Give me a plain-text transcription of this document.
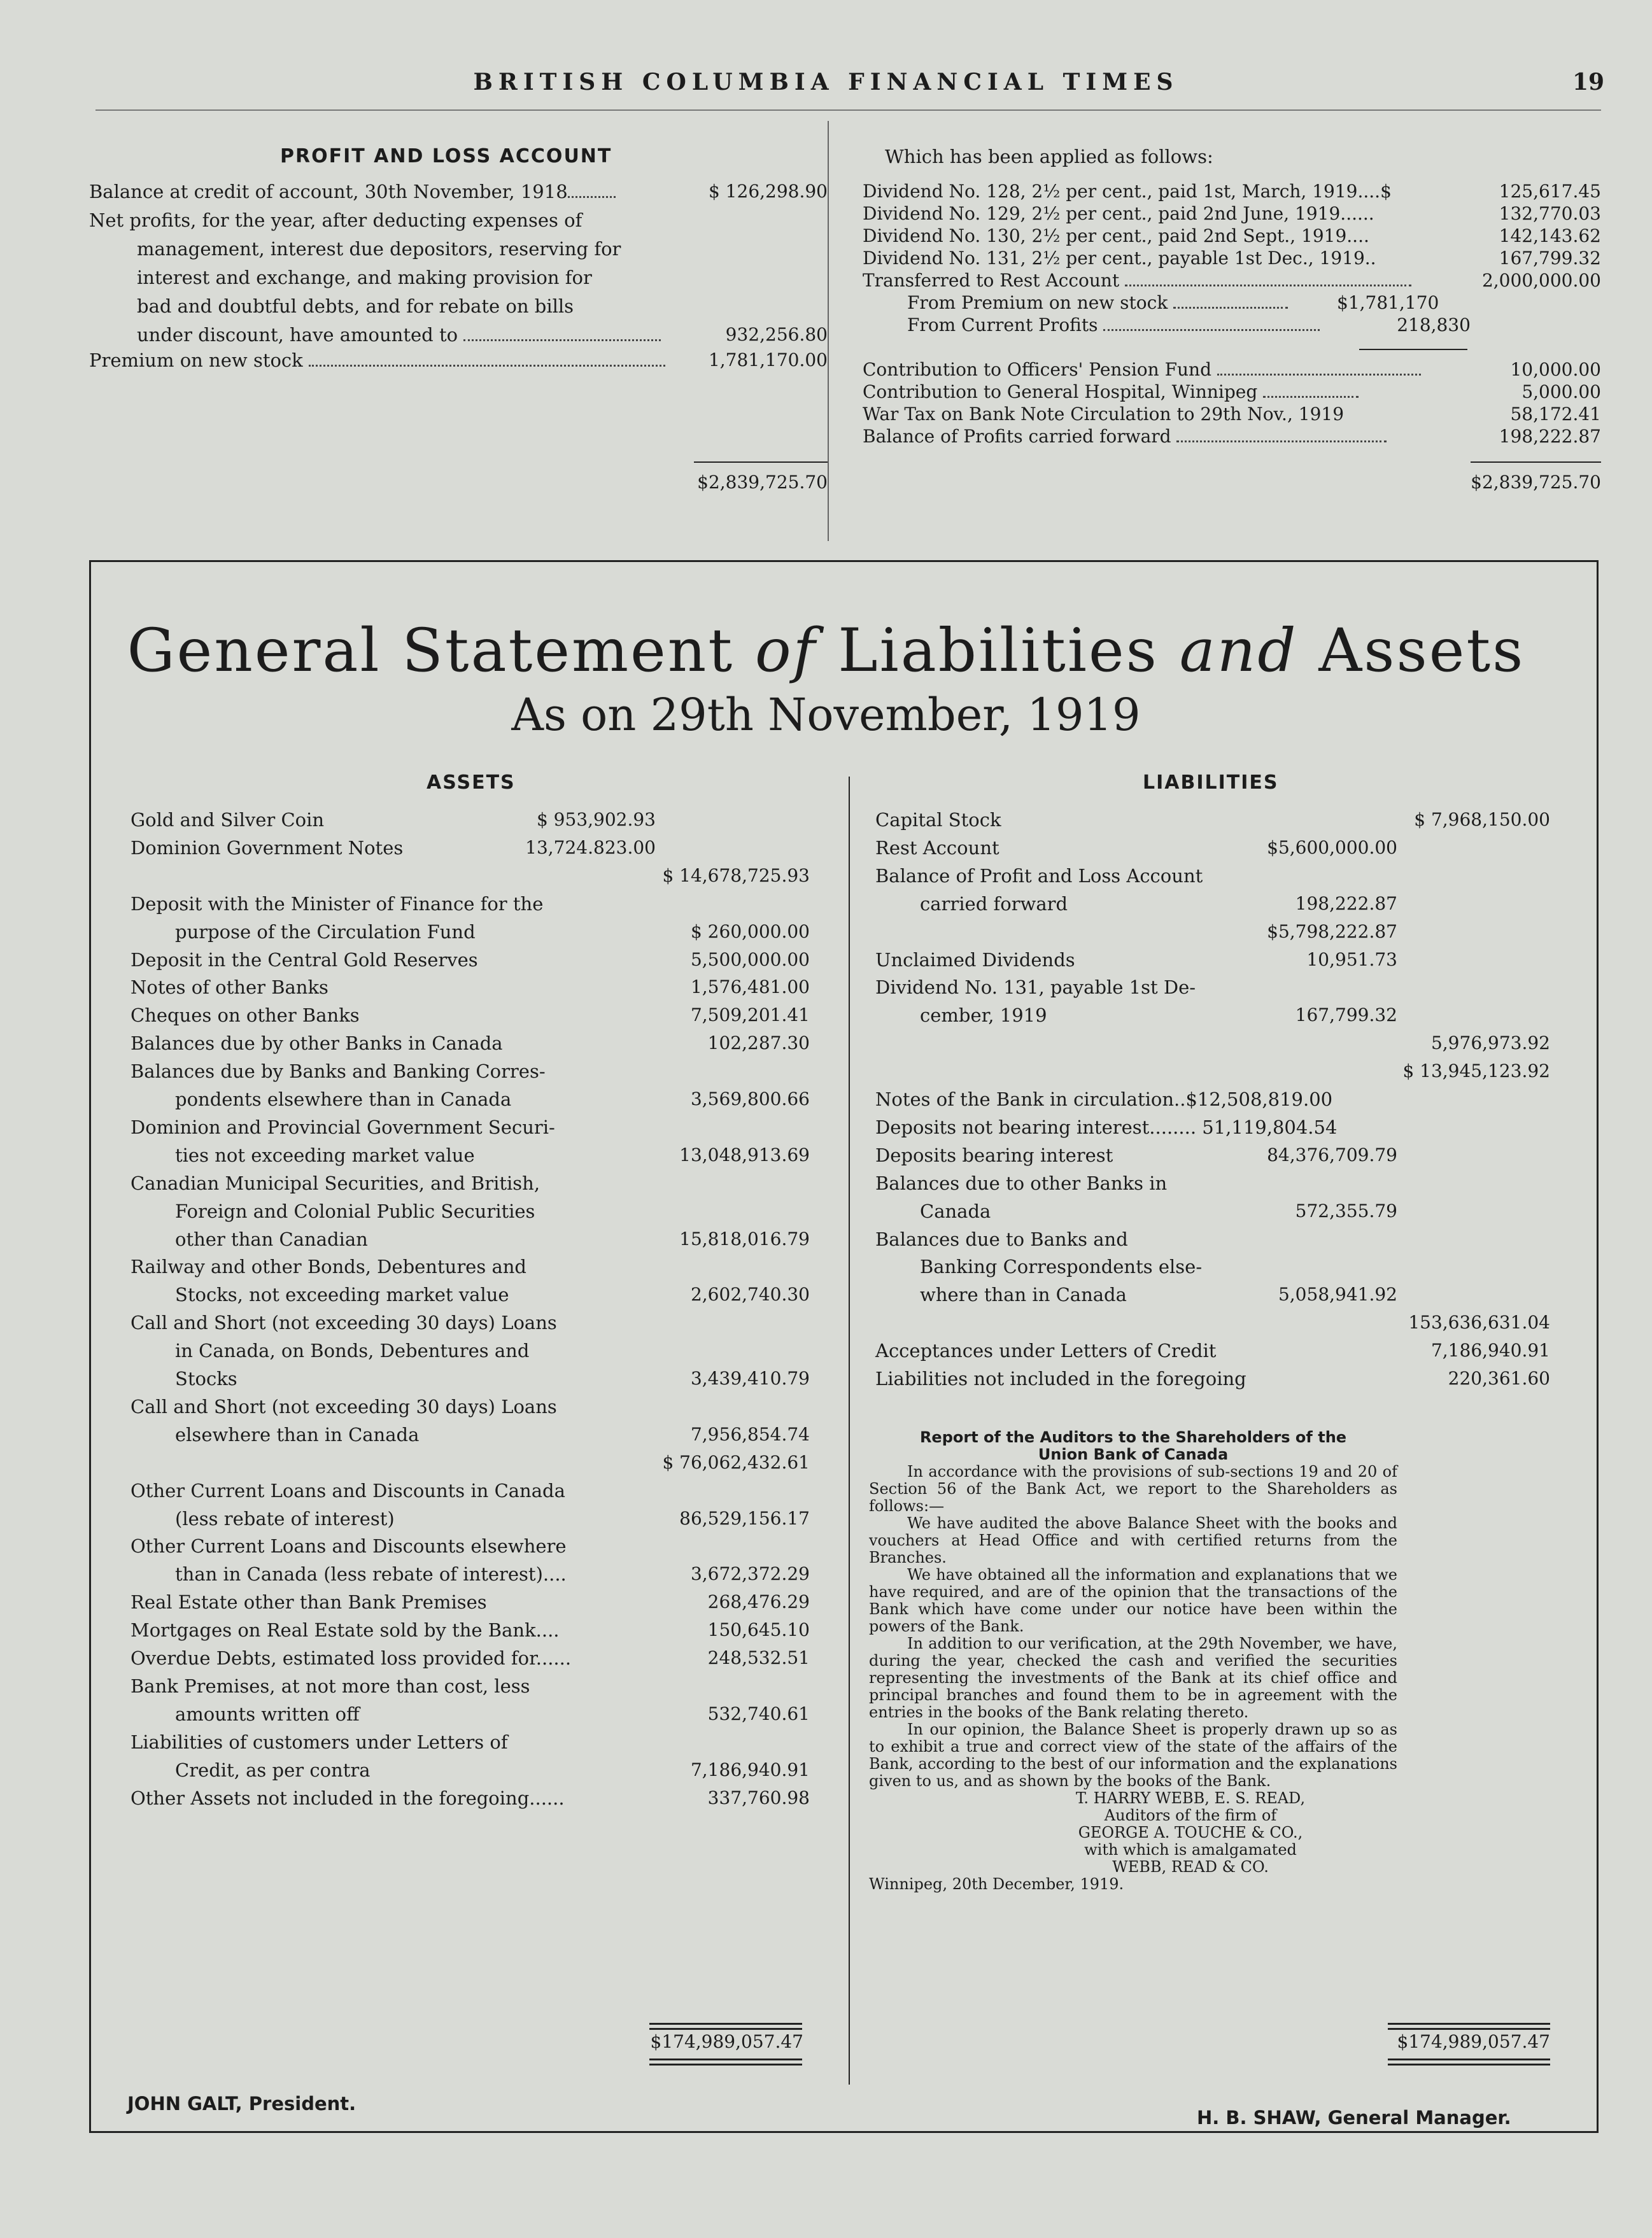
BRITISH COLUMBIA FINANCIAL TIMES	19
PROFIT AND LOSS ACCOUNT
Balance at credit of account, 30th November, 1918	$ 126,298.90
Net profits, for the year, after deducting expenses of
management, interest due depositors, reserving for
interest and exchange, and making provision for
bad and doubtful debts, and for rebate on bills
under discount, have amounted to	932,256.80
Premium on new stock	1,781,170.00
$2,839,725.70
Which has been applied as follows:
Dividend No. 128, 2½ per cent., paid 1st, March, 1919....$	125,617.45
Dividend No. 129, 2½ per cent., paid 2nd June, 1919......	132,770.03
Dividend No. 130, 2½ per cent., paid 2nd Sept., 1919....	142,143.62
Dividend No. 131, 2½ per cent., payable 1st Dec., 1919..	167,799.32
Transferred to Rest Account	2,000,000.00
From Premium on new stock	$1,781,170
From Current Profits	218,830
Contribution to Officers' Pension Fund	10,000.00
Contribution to General Hospital, Winnipeg	5,000.00
War Tax on Bank Note Circulation to 29th Nov., 1919	58,172.41
Balance of Profits carried forward	198,222.87
$2,839,725.70
General Statement of Liabilities and Assets
As on 29th November, 1919
ASSETS	LIABILITIES
Gold and Silver Coin	$ 953,902.93
Dominion Government Notes	13,724.823.00
$ 14,678,725.93
Deposit with the Minister of Finance for the
purpose of the Circulation Fund	$ 260,000.00
Deposit in the Central Gold Reserves	5,500,000.00
Notes of other Banks	1,576,481.00
Cheques on other Banks	7,509,201.41
Balances due by other Banks in Canada	102,287.30
Balances due by Banks and Banking Corres-
pondents elsewhere than in Canada	3,569,800.66
Dominion and Provincial Government Securi-
ties not exceeding market value	13,048,913.69
Canadian Municipal Securities, and British,
Foreign and Colonial Public Securities
other than Canadian	15,818,016.79
Railway and other Bonds, Debentures and
Stocks, not exceeding market value	2,602,740.30
Call and Short (not exceeding 30 days) Loans
in Canada, on Bonds, Debentures and
Stocks	3,439,410.79
Call and Short (not exceeding 30 days) Loans
elsewhere than in Canada	7,956,854.74
$ 76,062,432.61
Other Current Loans and Discounts in Canada
(less rebate of interest)	86,529,156.17
Other Current Loans and Discounts elsewhere
than in Canada (less rebate of interest)....	3,672,372.29
Real Estate other than Bank Premises	268,476.29
Mortgages on Real Estate sold by the Bank....	150,645.10
Overdue Debts, estimated loss provided for......	248,532.51
Bank Premises, at not more than cost, less
amounts written off	532,740.61
Liabilities of customers under Letters of
Credit, as per contra	7,186,940.91
Other Assets not included in the foregoing......	337,760.98
$174,989,057.47
Capital Stock	$ 7,968,150.00
Rest Account	$5,600,000.00
Balance of Profit and Loss Account
carried forward	198,222.87
$5,798,222.87
Unclaimed Dividends	10,951.73
Dividend No. 131, payable 1st De-
cember, 1919	167,799.32
5,976,973.92
$ 13,945,123.92
Notes of the Bank in circulation..$12,508,819.00
Deposits not bearing interest........ 51,119,804.54
Deposits bearing interest	84,376,709.79
Balances due to other Banks in
Canada	572,355.79
Balances due to Banks and
Banking Correspondents else-
where than in Canada	5,058,941.92
153,636,631.04
Acceptances under Letters of Credit	7,186,940.91
Liabilities not included in the foregoing	220,361.60
$174,989,057.47
Report of the Auditors to the Shareholders of the
Union Bank of Canada
In accordance with the provisions of sub-sections 19 and 20 of Section 56 of the Bank Act, we report to the Shareholders as follows:—
We have audited the above Balance Sheet with the books and vouchers at Head Office and with certified returns from the Branches.
We have obtained all the information and explanations that we have required, and are of the opinion that the transactions of the Bank which have come under our notice have been within the powers of the Bank.
In addition to our verification, at the 29th November, we have, during the year, checked the cash and verified the securities representing the investments of the Bank at its chief office and principal branches and found them to be in agreement with the entries in the books of the Bank relating thereto.
In our opinion, the Balance Sheet is properly drawn up so as to exhibit a true and correct view of the state of the affairs of the Bank, according to the best of our information and the explanations given to us, and as shown by the books of the Bank.
T. HARRY WEBB, E. S. READ,
Auditors of the firm of
GEORGE A. TOUCHE & CO.,
with which is amalgamated
WEBB, READ & CO.
Winnipeg, 20th December, 1919.
JOHN GALT, President.
H. B. SHAW, General Manager.
